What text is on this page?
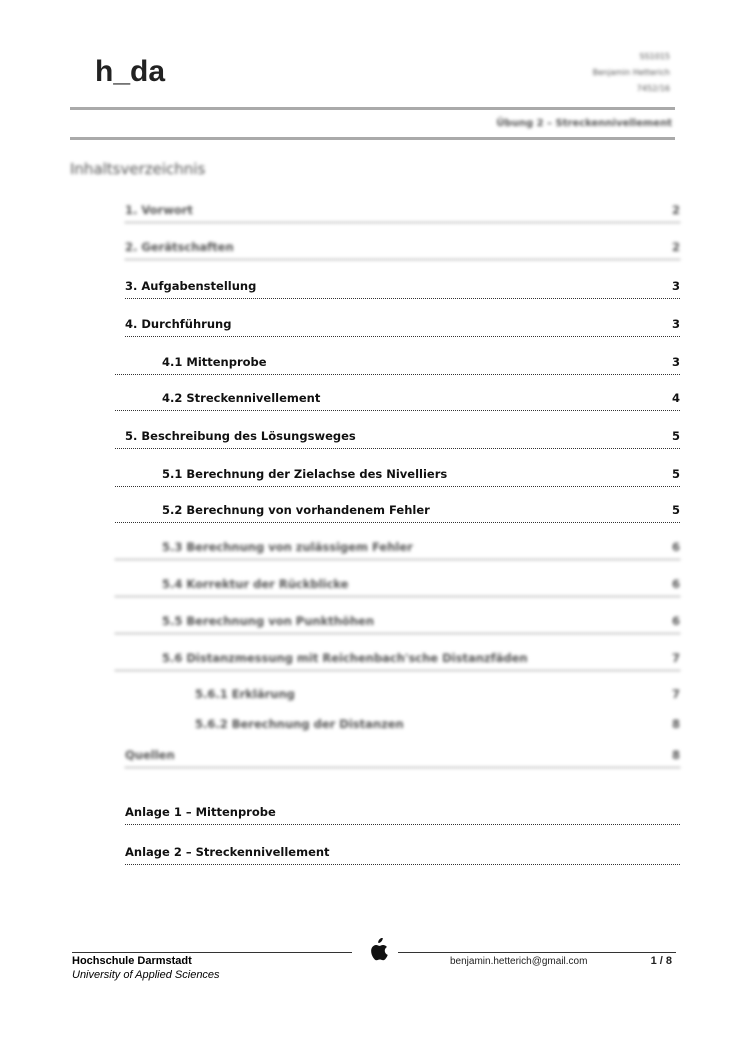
h_da	SS1015
Benjamin Hetterich
7452/16
Übung 2 – Streckennivellement
Inhaltsverzeichnis
1. Vorwort	2
2. Gerätschaften	2
3. Aufgabenstellung	3
4. Durchführung	3
4.1 Mittenprobe	3
4.2 Streckennivellement	4
5. Beschreibung des Lösungsweges	5
5.1 Berechnung der Zielachse des Nivelliers	5
5.2 Berechnung von vorhandenem Fehler	5
5.3 Berechnung von zulässigem Fehler	6
5.4 Korrektur der Rückblicke	6
5.5 Berechnung von Punkthöhen	6
5.6 Distanzmessung mit Reichenbach'sche Distanzfäden	7
5.6.1 Erklärung	7
5.6.2 Berechnung der Distanzen	8
Quellen	8
Anlage 1 – Mittenprobe
Anlage 2 – Streckennivellement
Hochschule Darmstadt
University of Applied Sciences
benjamin.hetterich@gmail.com	1 / 8
